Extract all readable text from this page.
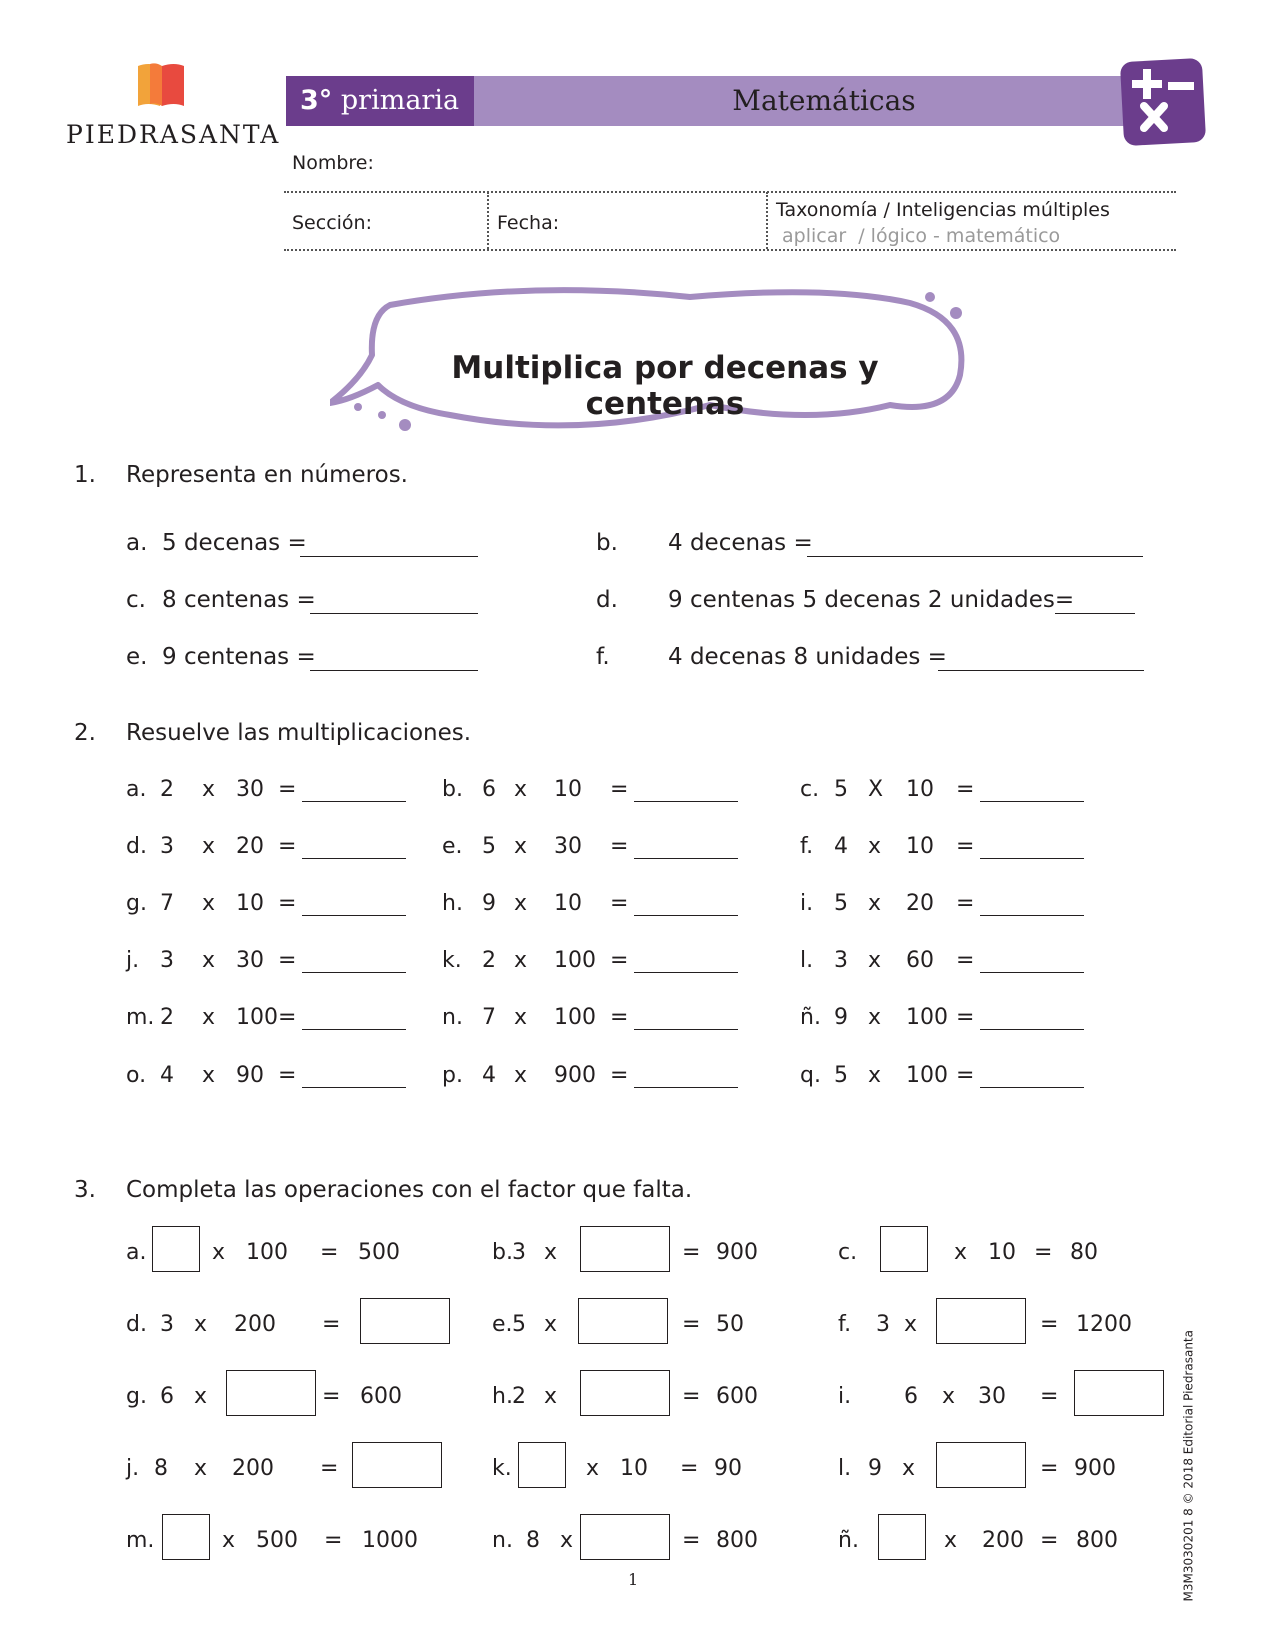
PIEDRASANTA
3° primaria	Matemáticas
Nombre:
Sección:	Fecha:
Taxonomía / Inteligencias múltiples
aplicar  / lógico - matemático
Multiplica por decenas y centenas
1. Representa en números.
a. 5 decenas =	b. 4 decenas =
c. 8 centenas =	d. 9 centenas 5 decenas 2 unidades=
e. 9 centenas =	f.	4 decenas 8 unidades =
2. Resuelve las multiplicaciones.
a. 2 x 30 =	b. 6 x 10 =	c. 5 X 10 =
d. 3 x 20 =	e. 5 x 30 =	f. 4 x 10 =
g. 7 x 10 =	h. 9 x 10 =	i. 5 x 20 =
j. 3 x 30 =	k. 2 x 100 =	l. 3 x 60 =
m. 2 x 100=	n. 7 x 100 =	ñ. 9 x 100 =
o. 4 x 90 =	p. 4 x 900 =	q. 5 x 100 =
3. Completa las operaciones con el factor que falta.
a.	x 100 = 500	b. 3 x	= 900	c.	x 10 = 80
d. 3 x 200 =	e. 5 x	= 50	f. 3 x	= 1200
g. 6 x	= 600	h. 2 x	= 600	i. 6 x 30 =
j. 8 x 200 =	k.	x 10 = 90	l. 9 x	= 900
m.	x 500 = 1000	n. 8 x	= 800	ñ.	x 200 = 800
1	M3M3030201 8 © 2018 Editorial Piedrasanta
